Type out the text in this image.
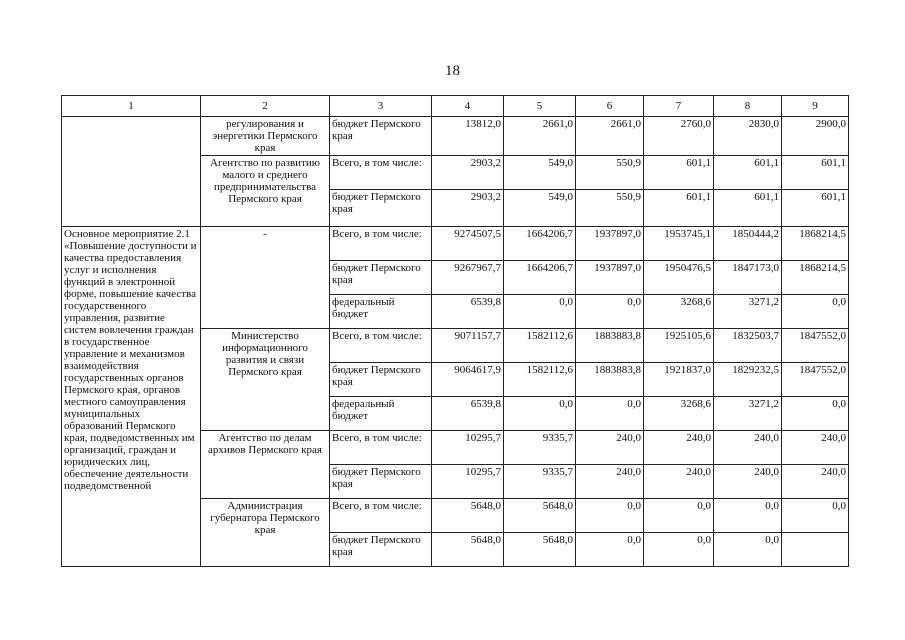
18
1	2	3	4	5	6	7	8	9
	регулирования и энергетики Пермского края	бюджет Пермского края	13812,0	2661,0	2661,0	2760,0	2830,0	2900,0
	Агентство по развитию малого и среднего предпринимательства Пермского края	Всего, в том числе:	2903,2	549,0	550,9	601,1	601,1	601,1
		бюджет Пермского края	2903,2	549,0	550,9	601,1	601,1	601,1
Основное мероприятие 2.1 «Повышение доступности и качества предоставления услуг и исполнения функций в электронной форме, повышение качества государственного управления, развитие систем вовлечения граждан в государственное управление и механизмов взаимодействия государственных органов Пермского края, органов местного самоуправления муниципальных образований Пермского края, подведомственных им организаций, граждан и юридических лиц, обеспечение деятельности подведомственной	-	Всего, в том числе:	9274507,5	1664206,7	1937897,0	1953745,1	1850444,2	1868214,5
		бюджет Пермского края	9267967,7	1664206,7	1937897,0	1950476,5	1847173,0	1868214,5
		федеральный бюджет	6539,8	0,0	0,0	3268,6	3271,2	0,0
	Министерство информационного развития и связи Пермского края	Всего, в том числе:	9071157,7	1582112,6	1883883,8	1925105,6	1832503,7	1847552,0
		бюджет Пермского края	9064617,9	1582112,6	1883883,8	1921837,0	1829232,5	1847552,0
		федеральный бюджет	6539,8	0,0	0,0	3268,6	3271,2	0,0
	Агентство по делам архивов Пермского края	Всего, в том числе:	10295,7	9335,7	240,0	240,0	240,0	240,0
		бюджет Пермского края	10295,7	9335,7	240,0	240,0	240,0	240,0
	Администрация губернатора Пермского края	Всего, в том числе:	5648,0	5648,0	0,0	0,0	0,0	0,0
		бюджет Пермского края	5648,0	5648,0	0,0	0,0	0,0	
